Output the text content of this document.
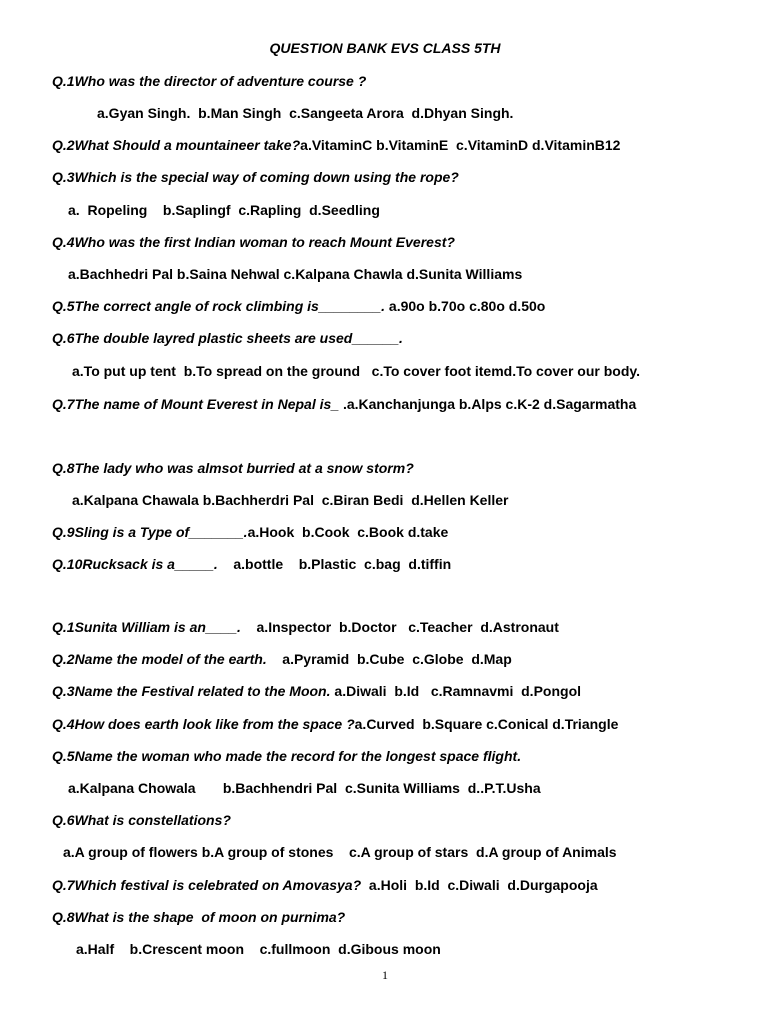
QUESTION BANK EVS CLASS 5TH
Q.1Who was the director of adventure course ?
a.Gyan Singh.  b.Man Singh  c.Sangeeta Arora  d.Dhyan Singh.
Q.2What Should a mountaineer take?a.VitaminC b.VitaminE  c.VitaminD d.VitaminB12
Q.3Which is the special way of coming down using the rope?
a.  Ropeling    b.Saplingf  c.Rapling  d.Seedling
Q.4Who was the first Indian woman to reach Mount Everest?
a.Bachhedri Pal b.Saina Nehwal c.Kalpana Chawla d.Sunita Williams
Q.5The correct angle of rock climbing is________. a.90o b.70o c.80o d.50o
Q.6The double layred plastic sheets are used______.
a.To put up tent  b.To spread on the ground   c.To cover foot itemd.To cover our body.
Q.7The name of Mount Everest in Nepal is_ .a.Kanchanjunga b.Alps c.K-2 d.Sagarmatha
Q.8The lady who was almsot burried at a snow storm?
a.Kalpana Chawala b.Bachherdri Pal  c.Biran Bedi  d.Hellen Keller
Q.9Sling is a Type of_______.a.Hook  b.Cook  c.Book d.take
Q.10Rucksack is a_____.    a.bottle    b.Plastic  c.bag  d.tiffin
Q.1Sunita William is an____.    a.Inspector  b.Doctor   c.Teacher  d.Astronaut
Q.2Name the model of the earth.    a.Pyramid  b.Cube  c.Globe  d.Map
Q.3Name the Festival related to the Moon. a.Diwali  b.Id   c.Ramnavmi  d.Pongol
Q.4How does earth look like from the space ?a.Curved  b.Square c.Conical d.Triangle
Q.5Name the woman who made the record for the longest space flight.
a.Kalpana Chowala       b.Bachhendri Pal  c.Sunita Williams  d..P.T.Usha
Q.6What is constellations?
a.A group of flowers b.A group of stones    c.A group of stars  d.A group of Animals
Q.7Which festival is celebrated on Amovasya?  a.Holi  b.Id  c.Diwali  d.Durgapooja
Q.8What is the shape  of moon on purnima?
a.Half    b.Crescent moon    c.fullmoon  d.Gibous moon
1
